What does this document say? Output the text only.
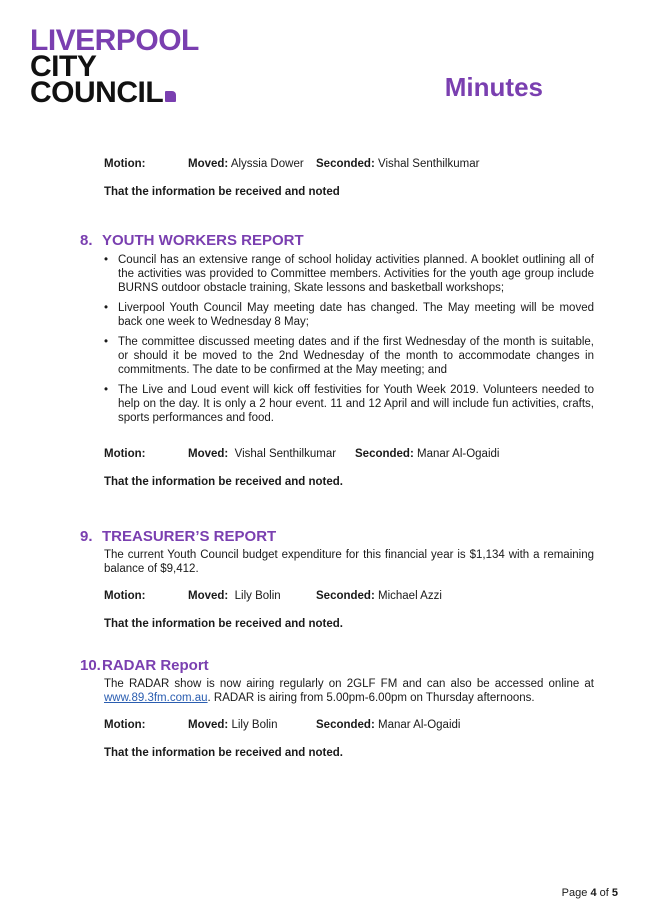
LIVERPOOL
CITY
COUNCIL	Minutes
Motion:	Moved: Alyssia Dower Seconded: Vishal Senthilkumar
That the information be received and noted
8. YOUTH WORKERS REPORT
• Council has an extensive range of school holiday activities planned. A booklet outlining all of the activities was provided to Committee members. Activities for the youth age group include BURNS outdoor obstacle training, Skate lessons and basketball workshops;
• Liverpool Youth Council May meeting date has changed. The May meeting will be moved back one week to Wednesday 8 May;
• The committee discussed meeting dates and if the first Wednesday of the month is suitable, or should it be moved to the 2nd Wednesday of the month to accommodate changes in commitments. The date to be confirmed at the May meeting; and
• The Live and Loud event will kick off festivities for Youth Week 2019. Volunteers needed to help on the day. It is only a 2 hour event. 11 and 12 April and will include fun activities, crafts, sports performances and food.
Motion:	Moved: Vishal Senthilkumar Seconded: Manar Al-Ogaidi
That the information be received and noted.
9. TREASURER’S REPORT
The current Youth Council budget expenditure for this financial year is $1,134 with a remaining balance of $9,412.
Motion:	Moved: Lily Bolin	Seconded: Michael Azzi
That the information be received and noted.
10.RADAR Report
The RADAR show is now airing regularly on 2GLF FM and can also be accessed online at www.89.3fm.com.au. RADAR is airing from 5.00pm-6.00pm on Thursday afternoons.
Motion:	Moved: Lily Bolin	Seconded: Manar Al-Ogaidi
That the information be received and noted.
Page 4 of 5
